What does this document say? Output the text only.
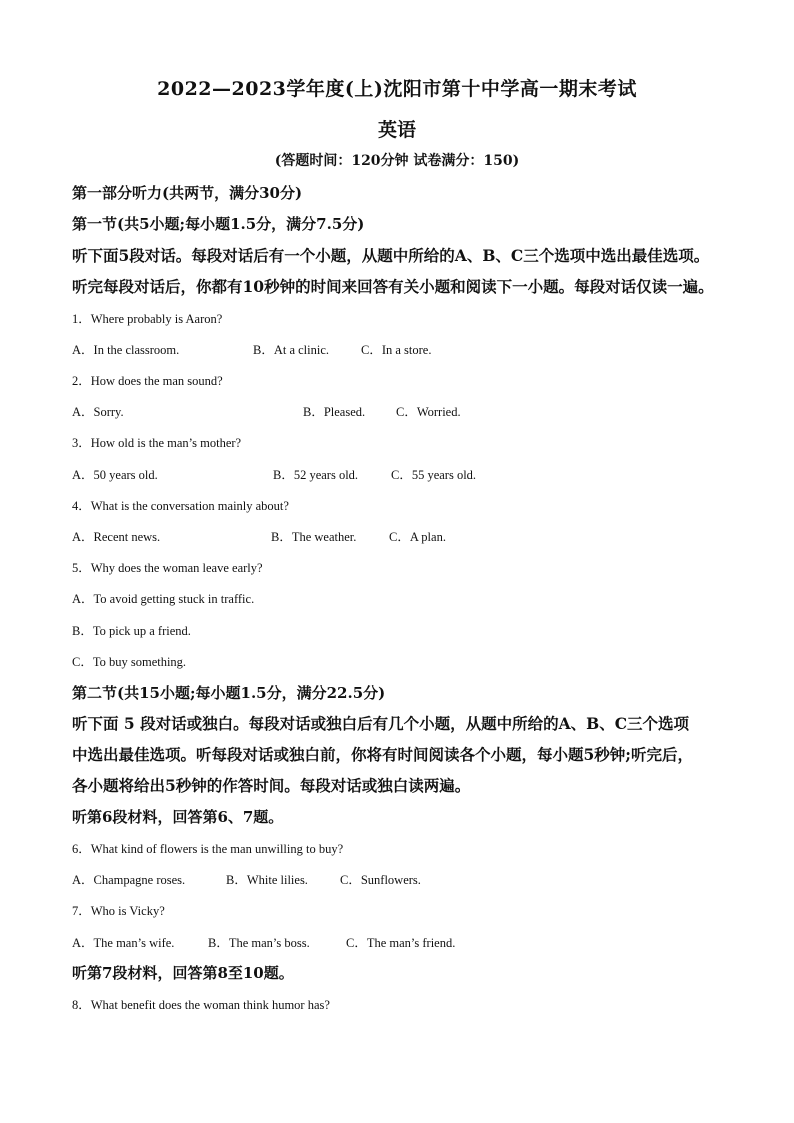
2022—2023学年度(上)沈阳市第十中学高一期末考试
英语
(答题时间：120分钟 试卷满分：150)
第一部分听力(共两节，满分30分)
第一节(共5小题;每小题1.5分，满分7.5分)
听下面5段对话。每段对话后有一个小题，从题中所给的A、B、C三个选项中选出最佳选项。
听完每段对话后，你都有10秒钟的时间来回答有关小题和阅读下一小题。每段对话仅读一遍。
1．Where probably is Aaron?
A．In the classroom.	B．At a clinic.	C．In a store.
2．How does the man sound?
A．Sorry.	B．Pleased. C．Worried.
3．How old is the man’s mother?
A．50 years old.	B．52 years old.	C．55 years old.
4．What is the conversation mainly about?
A．Recent news.	B．The weather.	C．A plan.
5．Why does the woman leave early?
A．To avoid getting stuck in traffic.
B．To pick up a friend.
C．To buy something.
第二节(共15小题;每小题1.5分，满分22.5分)
听下面 5 段对话或独白。每段对话或独白后有几个小题，从题中所给的A、B、C三个选项
中选出最佳选项。听每段对话或独白前，你将有时间阅读各个小题，每小题5秒钟;听完后，
各小题将给出5秒钟的作答时间。每段对话或独白读两遍。
听第6段材料，回答第6、7题。
6．What kind of flowers is the man unwilling to buy?
A．Champagne roses.	B．White lilies.	C．Sunflowers.
7．Who is Vicky?
A．The man’s wife.	B．The man’s boss.	C．The man’s friend.
听第7段材料，回答第8至10题。
8．What benefit does the woman think humor has?
